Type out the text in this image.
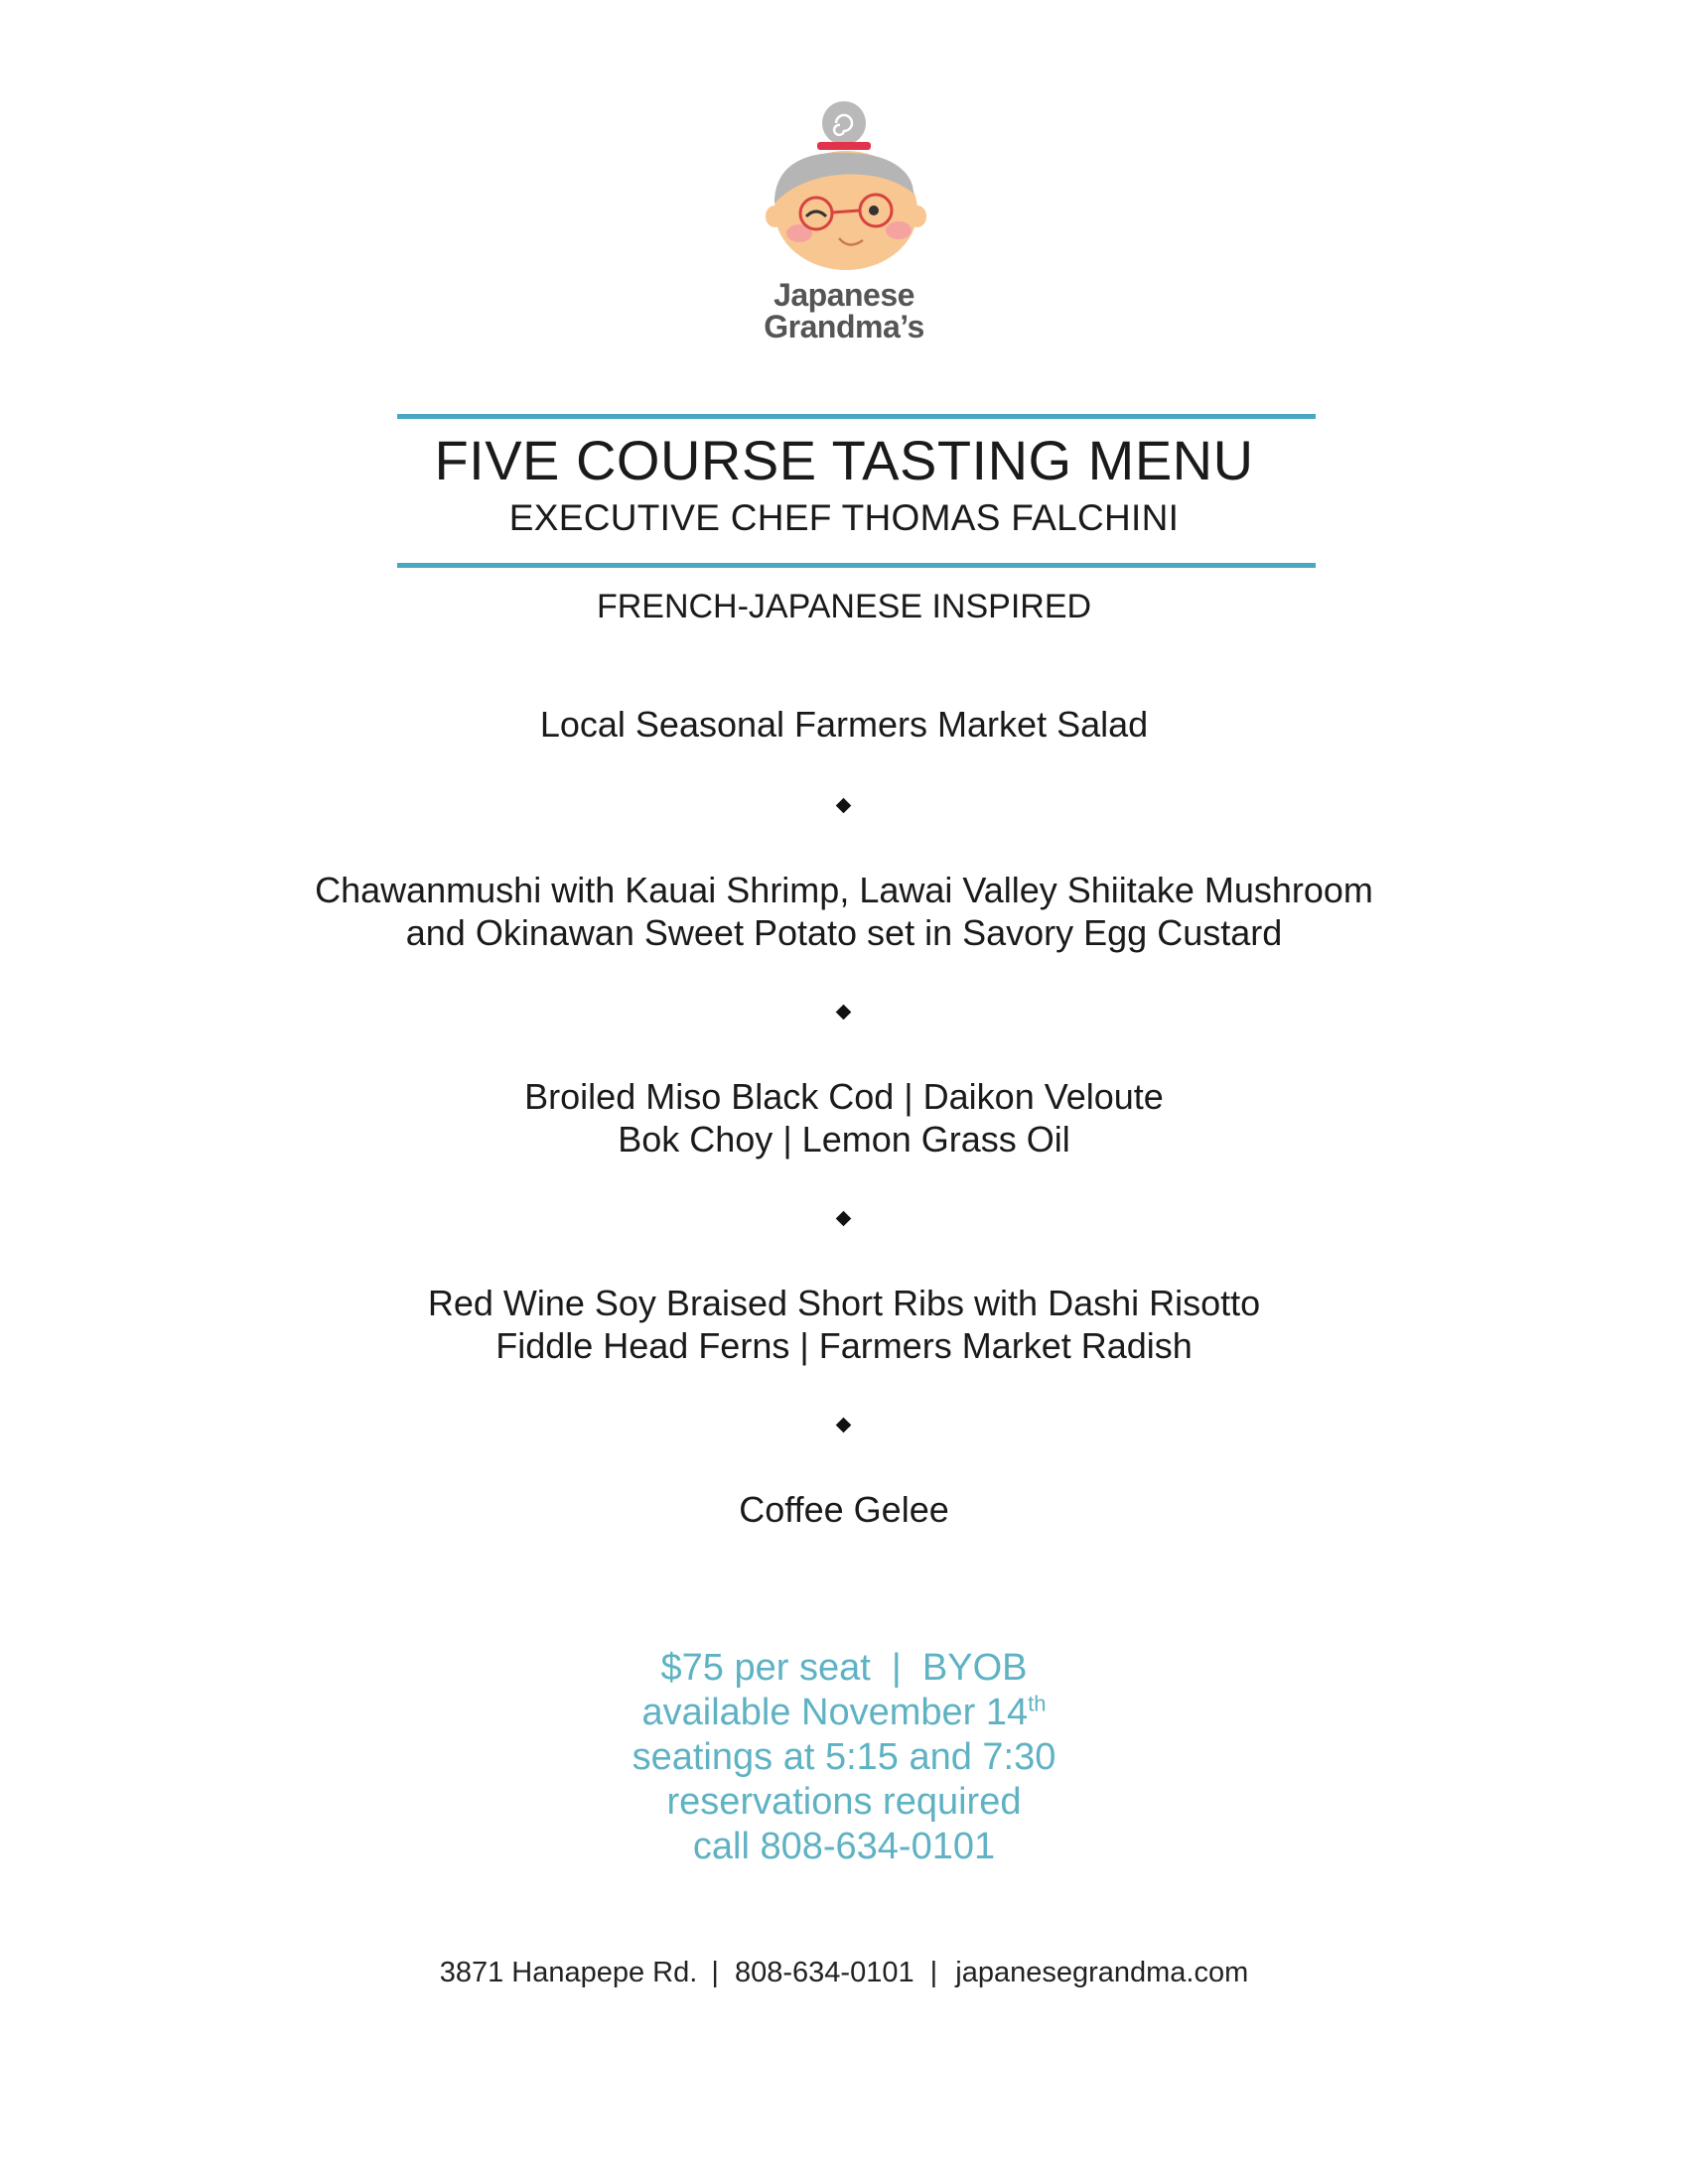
Japanese
Grandma’s
FIVE COURSE TASTING MENU
EXECUTIVE CHEF THOMAS FALCHINI
FRENCH-JAPANESE INSPIRED
Local Seasonal Farmers Market Salad
Chawanmushi with Kauai Shrimp, Lawai Valley Shiitake Mushroom
and Okinawan Sweet Potato set in Savory Egg Custard
Broiled Miso Black Cod | Daikon Veloute
Bok Choy | Lemon Grass Oil
Red Wine Soy Braised Short Ribs with Dashi Risotto
Fiddle Head Ferns | Farmers Market Radish
Coffee Gelee
$75 per seat  |  BYOB
available November 14th
seatings at 5:15 and 7:30
reservations required
call 808-634-0101
3871 Hanapepe Rd. | 808-634-0101 | japanesegrandma.com
